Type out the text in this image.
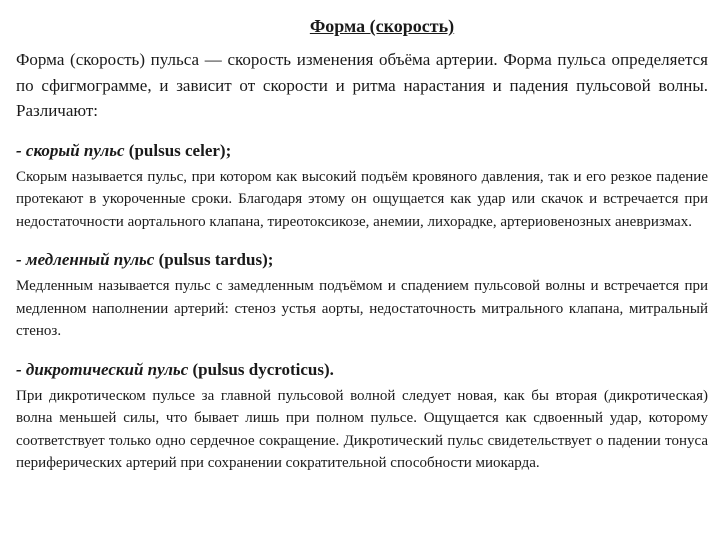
Форма (скорость)

Форма (скорость) пульса — скорость изменения объёма артерии. Форма пульса определяется по сфигмограмме, и зависит от скорости и ритма нарастания и падения пульсовой волны. Различают:

- скорый пульс (pulsus celer);

Скорым называется пульс, при котором как высокий подъём кровяного давления, так и его резкое падение протекают в укороченные сроки. Благодаря этому он ощущается как удар или скачок и встречается при недостаточности аортального клапана, тиреотоксикозе, анемии, лихорадке, артериовенозных аневризмах.

- медленный пульс (pulsus tardus);

Медленным называется пульс с замедленным подъёмом и спадением пульсовой волны и встречается при медленном наполнении артерий: стеноз устья аорты, недостаточность митрального клапана, митральный стеноз.

- дикротический пульс (pulsus dycroticus).

При дикротическом пульсе за главной пульсовой волной следует новая, как бы вторая (дикротическая) волна меньшей силы, что бывает лишь при полном пульсе. Ощущается как сдвоенный удар, которому соответствует только одно сердечное сокращение. Дикротический пульс свидетельствует о падении тонуса периферических артерий при сохранении сократительной способности миокарда.
